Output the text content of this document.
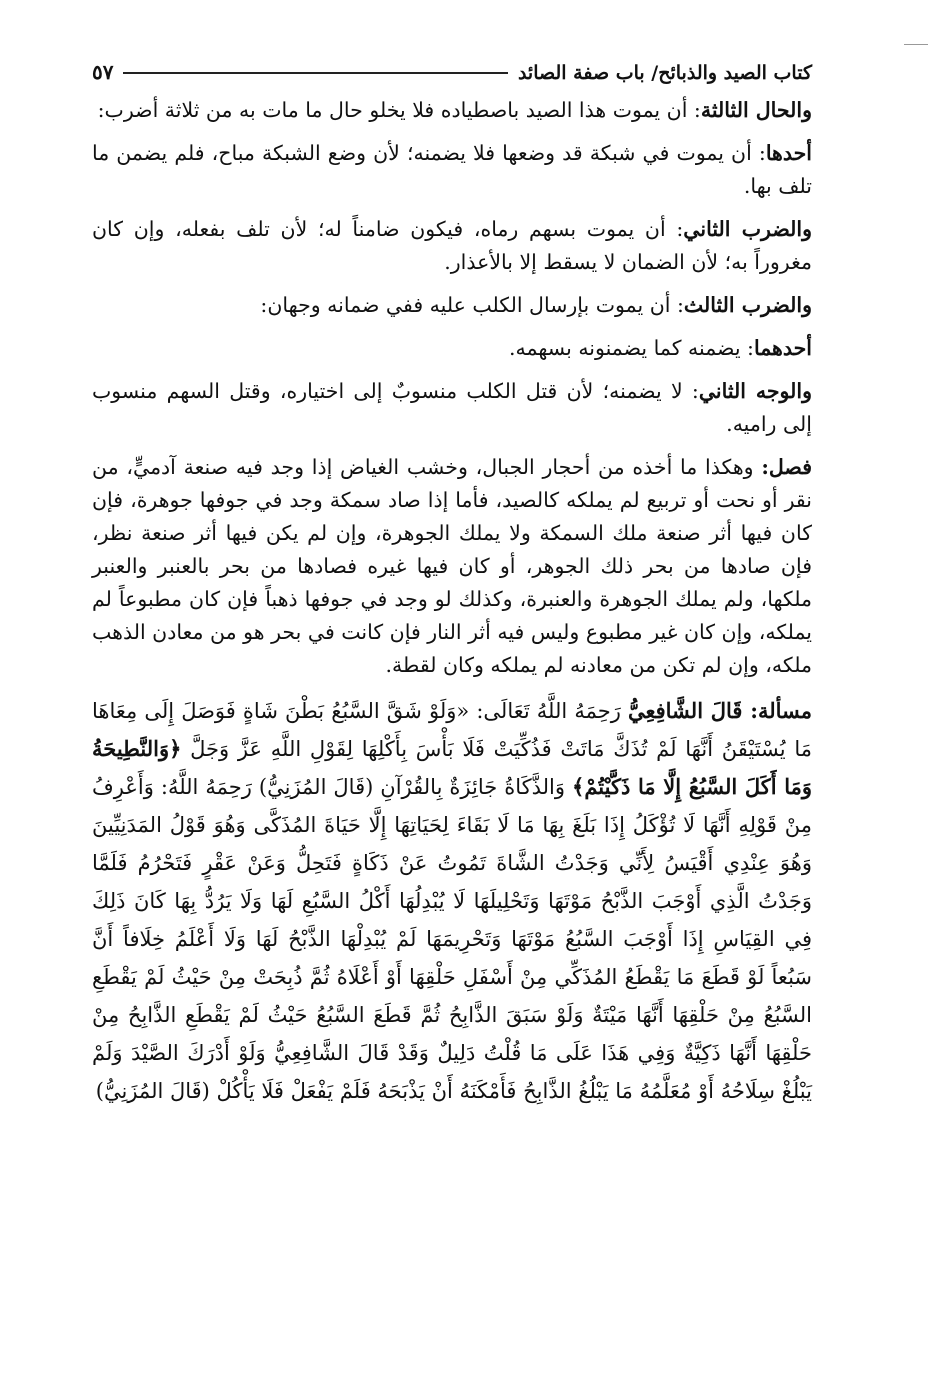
كتاب الصيد والذبائح/ باب صفة الصائد
٥٧

والحال الثالثة: أن يموت هذا الصيد باصطياده فلا يخلو حال ما مات به من ثلاثة أضرب:

أحدها: أن يموت في شبكة قد وضعها فلا يضمنه؛ لأن وضع الشبكة مباح، فلم يضمن ما تلف بها.

والضرب الثاني: أن يموت بسهم رماه، فيكون ضامناً له؛ لأن تلف بفعله، وإن كان مغروراً به؛ لأن الضمان لا يسقط إلا بالأعذار.

والضرب الثالث: أن يموت بإرسال الكلب عليه ففي ضمانه وجهان:

أحدهما: يضمنه كما يضمنونه بسهمه.

والوجه الثاني: لا يضمنه؛ لأن قتل الكلب منسوبٌ إلى اختياره، وقتل السهم منسوب إلى راميه.

فصل: وهكذا ما أخذه من أحجار الجبال، وخشب الغياض إذا وجد فيه صنعة آدميٍّ، من نقر أو نحت أو تربيع لم يملكه كالصيد، فأما إذا صاد سمكة وجد في جوفها جوهرة، فإن كان فيها أثر صنعة ملك السمكة ولا يملك الجوهرة، وإن لم يكن فيها أثر صنعة نظر، فإن صادها من بحر ذلك الجوهر، أو كان فيها غيره فصادها من بحر بالعنبر والعنبر ملكها، ولم يملك الجوهرة والعنبرة، وكذلك لو وجد في جوفها ذهباً فإن كان مطبوعاً لم يملكه، وإن كان غير مطبوع وليس فيه أثر النار فإن كانت في بحر هو من معادن الذهب ملكه، وإن لم تكن من معادنه لم يملكه وكان لقطة.

مسألة: قَالَ الشَّافِعِيُّ رَحِمَهُ اللَّهُ تَعَالَى: «وَلَوْ شَقَّ السَّبُعُ بَطْنَ شَاةٍ فَوَصَلَ إِلَى مِعَاهَا مَا يُسْتَيْقَنُ أَنَّهَا لَمْ تُذَكَّ مَاتَتْ فَذُكِّيَتْ فَلَا بَأْسَ بِأَكْلِهَا لِقَوْلِ اللَّهِ عَزَّ وَجَلَّ ﴿وَالنَّطِيحَةُ وَمَا أَكَلَ السَّبُعُ إِلَّا مَا ذَكَّيْتُمْ﴾ وَالذَّكَاةُ جَائِزَةٌ بِالقُرْآنِ (قَالَ المُزَنِيُّ) رَحِمَهُ اللَّهُ: وَأَعْرِفُ مِنْ قَوْلِهِ أَنَّهَا لَا تُؤْكَلُ إِذَا بَلَغَ بِهَا مَا لَا بَقَاءَ لِحَيَاتِهَا إِلَّا حَيَاةَ المُذَكَّى وَهُوَ قَوْلُ المَدَنِيِّينَ وَهُوَ عِنْدِي أَقْيَسُ لِأَنِّي وَجَدْتُ الشَّاةَ تَمُوتُ عَنْ ذَكَاةٍ فَتَحِلُّ وَعَنْ عَقْرٍ فَتَحْرُمُ فَلَمَّا وَجَدْتُ الَّذِي أَوْجَبَ الذَّبْحُ مَوْتَهَا وَتَحْلِيلَهَا لَا يُبْدِلُهَا أَكْلُ السَّبُعِ لَهَا وَلَا يَرُدُّ بِهَا كَانَ ذَلِكَ فِي القِيَاسِ إِذَا أَوْجَبَ السَّبُعُ مَوْتَهَا وَتَحْرِيمَهَا لَمْ يُبْدِلْهَا الذَّبْحُ لَهَا وَلَا أَعْلَمُ خِلَافاً أَنَّ سَبُعاً لَوْ قَطَعَ مَا يَقْطَعُ المُذَكِّي مِنْ أَسْفَلِ حَلْقِهَا أَوْ أَعْلَاهُ ثُمَّ ذُبِحَتْ مِنْ حَيْثُ لَمْ يَقْطَعِ السَّبُعُ مِنْ حَلْقِهَا أَنَّهَا مَيْتَةٌ وَلَوْ سَبَقَ الذَّابِحُ ثُمَّ قَطَعَ السَّبُعُ حَيْثُ لَمْ يَقْطَعِ الذَّابِحُ مِنْ حَلْقِهَا أَنَّهَا ذَكِيَّةٌ وَفِي هَذَا عَلَى مَا قُلْتُ دَلِيلٌ وَقَدْ قَالَ الشَّافِعِيُّ وَلَوْ أَدْرَكَ الصَّيْدَ وَلَمْ يَبْلُغْ سِلَاحُهُ أَوْ مُعَلَّمُهُ مَا يَبْلُغُ الذَّابِحُ فَأَمْكَنَهُ أَنْ يَذْبَحَهُ فَلَمْ يَفْعَلْ فَلَا يَأْكُلْ (قَالَ المُزَنِيُّ)
